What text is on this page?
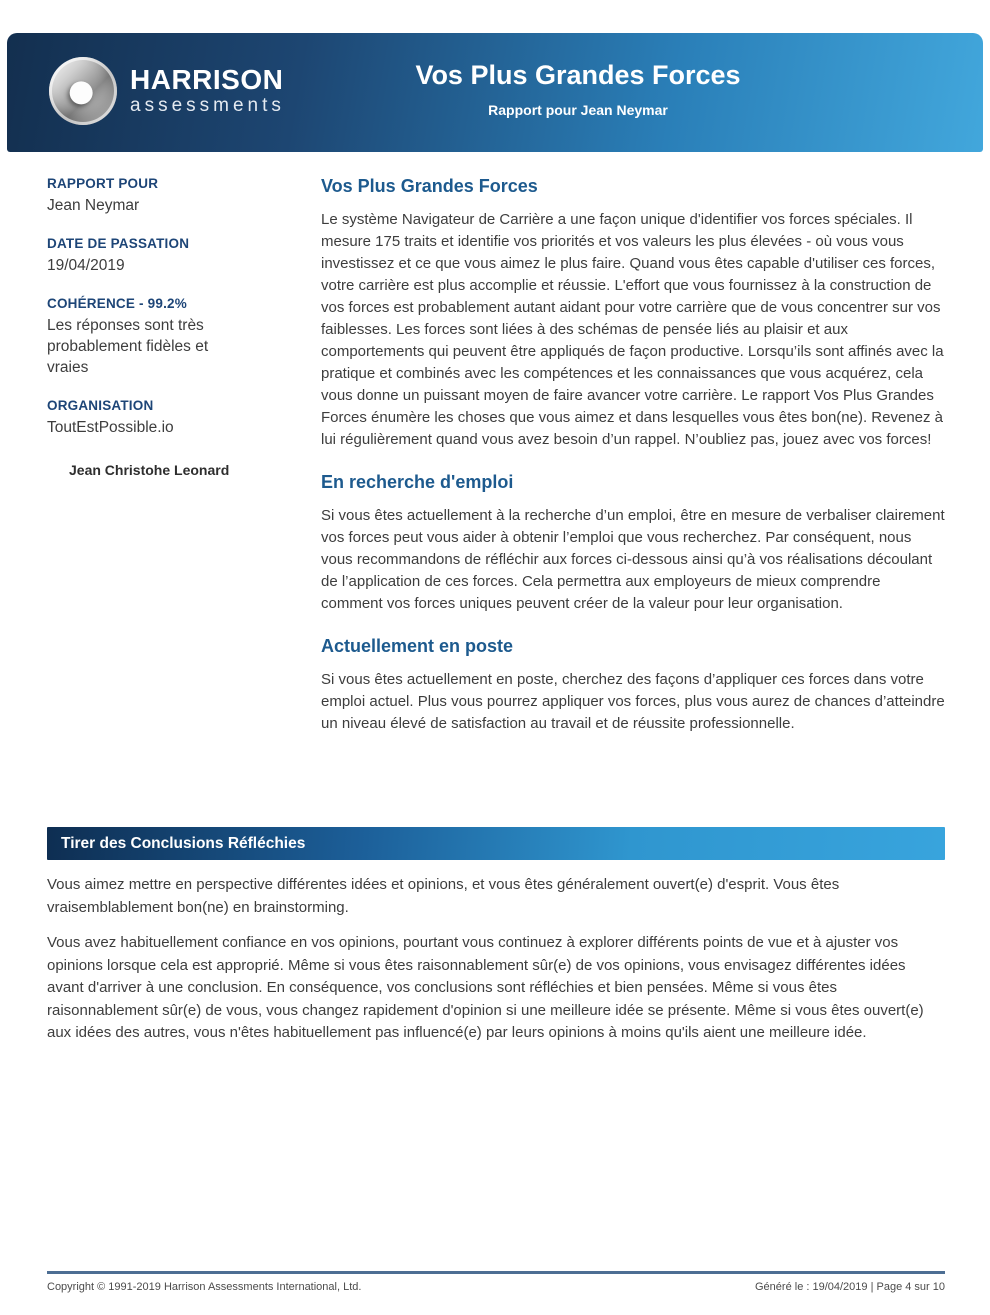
HARRISON
assessments
Vos Plus Grandes Forces
Rapport pour Jean Neymar
RAPPORT POUR
Jean Neymar
DATE DE PASSATION
19/04/2019
COHÉRENCE - 99.2%
Les réponses sont très probablement fidèles et vraies
ORGANISATION
ToutEstPossible.io
Jean Christohe Leonard
Vos Plus Grandes Forces
Le système Navigateur de Carrière a une façon unique d'identifier vos forces spéciales. Il mesure 175 traits et identifie vos priorités et vos valeurs les plus élevées - où vous vous investissez et ce que vous aimez le plus faire. Quand vous êtes capable d'utiliser ces forces, votre carrière est plus accomplie et réussie. L'effort que vous fournissez à la construction de vos forces est probablement autant aidant pour votre carrière que de vous concentrer sur vos faiblesses. Les forces sont liées à des schémas de pensée liés au plaisir et aux comportements qui peuvent être appliqués de façon productive. Lorsqu’ils sont affinés avec la pratique et combinés avec les compétences et les connaissances que vous acquérez, cela vous donne un puissant moyen de faire avancer votre carrière. Le rapport Vos Plus Grandes Forces énumère les choses que vous aimez et dans lesquelles vous êtes bon(ne). Revenez à lui régulièrement quand vous avez besoin d’un rappel. N’oubliez pas, jouez avec vos forces!
En recherche d'emploi
Si vous êtes actuellement à la recherche d’un emploi, être en mesure de verbaliser clairement vos forces peut vous aider à obtenir l’emploi que vous recherchez. Par conséquent, nous vous recommandons de réfléchir aux forces ci-dessous ainsi qu’à vos réalisations découlant de l’application de ces forces. Cela permettra aux employeurs de mieux comprendre comment vos forces uniques peuvent créer de la valeur pour leur organisation.
Actuellement en poste
Si vous êtes actuellement en poste, cherchez des façons d’appliquer ces forces dans votre emploi actuel. Plus vous pourrez appliquer vos forces, plus vous aurez de chances d’atteindre un niveau élevé de satisfaction au travail et de réussite professionnelle.
Tirer des Conclusions Réfléchies
Vous aimez mettre en perspective différentes idées et opinions, et vous êtes généralement ouvert(e) d'esprit. Vous êtes vraisemblablement bon(ne) en brainstorming.
Vous avez habituellement confiance en vos opinions, pourtant vous continuez à explorer différents points de vue et à ajuster vos opinions lorsque cela est approprié. Même si vous êtes raisonnablement sûr(e) de vos opinions, vous envisagez différentes idées avant d'arriver à une conclusion. En conséquence, vos conclusions sont réfléchies et bien pensées. Même si vous êtes raisonnablement sûr(e) de vous, vous changez rapidement d'opinion si une meilleure idée se présente. Même si vous êtes ouvert(e) aux idées des autres, vous n'êtes habituellement pas influencé(e) par leurs opinions à moins qu'ils aient une meilleure idée.
Copyright © 1991-2019 Harrison Assessments International, Ltd.	Généré le : 19/04/2019 | Page 4 sur 10
